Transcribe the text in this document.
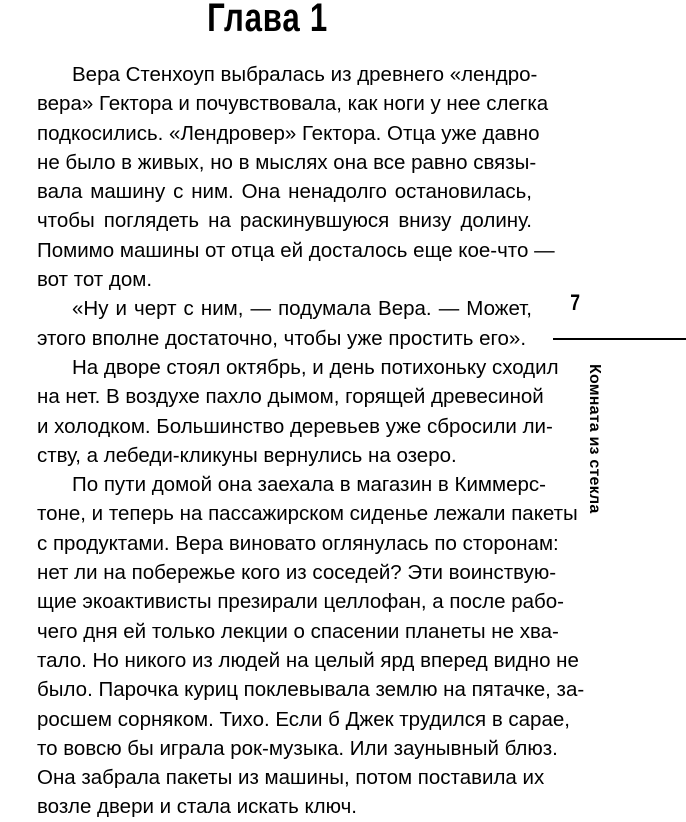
Глава 1
Вера Стенхоуп выбралась из древнего «лендро-
вера» Гектора и почувствовала, как ноги у нее слегка
подкосились. «Лендровер» Гектора. Отца уже давно
не было в живых, но в мыслях она все равно связы-
вала машину с ним. Она ненадолго остановилась,
чтобы поглядеть на раскинувшуюся внизу долину.
Помимо машины от отца ей досталось еще кое-что —
вот тот дом.
«Ну и черт с ним, — подумала Вера. — Может,
этого вполне достаточно, чтобы уже простить его».
На дворе стоял октябрь, и день потихоньку сходил
на нет. В воздухе пахло дымом, горящей древесиной
и холодком. Большинство деревьев уже сбросили ли-
ству, а лебеди-кликуны вернулись на озеро.
По пути домой она заехала в магазин в Киммерс-
тоне, и теперь на пассажирском сиденье лежали пакеты
с продуктами. Вера виновато оглянулась по сторонам:
нет ли на побережье кого из соседей? Эти воинствую-
щие экоактивисты презирали целлофан, а после рабо-
чего дня ей только лекции о спасении планеты не хва-
тало. Но никого из людей на целый ярд вперед видно не
было. Парочка куриц поклевывала землю на пятачке, за-
росшем сорняком. Тихо. Если б Джек трудился в сарае,
то вовсю бы играла рок-музыка. Или заунывный блюз.
Она забрала пакеты из машины, потом поставила их
возле двери и стала искать ключ.
7
Комната из стекла
